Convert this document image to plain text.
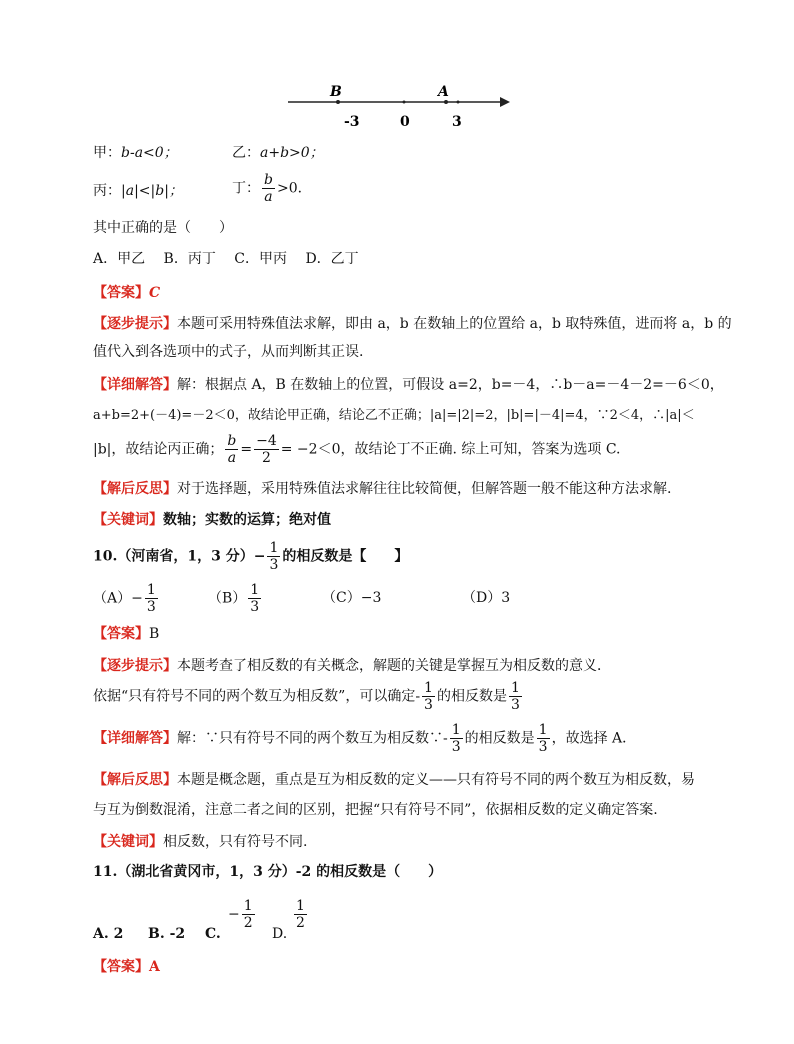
B	A
-3	0	3
甲：b-a<0；	乙：a+b>0；
丙：|a|<|b|；	丁： $\frac{b}{a} >0$．
其中正确的是（　　）
A．甲乙　 B．丙丁　 C．甲丙　 D．乙丁
【答案】C
【逐步提示】本题可采用特殊值法求解，即由 a，b 在数轴上的位置给 a，b 取特殊值，进而将 a，b 的
值代入到各选项中的式子，从而判断其正误.
【详细解答】解：根据点 A，B 在数轴上的位置，可假设 a=2，b=－4，∴b－a=－4－2=－6＜0，
a+b=2+(－4)=－2＜0，故结论甲正确，结论乙不正确；|a|=|2|=2，|b|=|－4|=4，∵2＜4，∴|a|＜
|b|，故结论丙正确； $\frac{b}{a} = \frac{-4}{2} = -2<0$，故结论丁不正确. 综上可知，答案为选项 C.
【解后反思】对于选择题，采用特殊值法求解往往比较简便，但解答题一般不能这种方法求解.
【关键词】数轴；实数的运算；绝对值
10.（河南省，1，3 分）− $\frac{1}{3}$ 的相反数是【　　】
$(A)- \frac{1}{3}$	$(B) \frac{1}{3}$	（C）−3	（D）3
【答案】B
【逐步提示】本题考查了相反数的有关概念，解题的关键是掌握互为相反数的意义．
依据“只有符号不同的两个数互为相反数”，可以确定- $\frac{1}{3}$ 的相反数是 $\frac{1}{3}$
【详细解答】解：∵只有符号不同的两个数互为相反数∵- $\frac{1}{3}$ 的相反数是 $\frac{1}{3}$ ，故选择 A．
【解后反思】本题是概念题，重点是互为相反数的定义——只有符号不同的两个数互为相反数，易
与互为倒数混淆，注意二者之间的区别，把握“只有符号不同”，依据相反数的定义确定答案.
【关键词】相反数，只有符号不同.
11.（湖北省黄冈市，1，3 分）-2 的相反数是（　　）
A. 2 B. -2 C.
− $\frac{1}{2}$
D.
$\frac{1}{2}$
【答案】A
